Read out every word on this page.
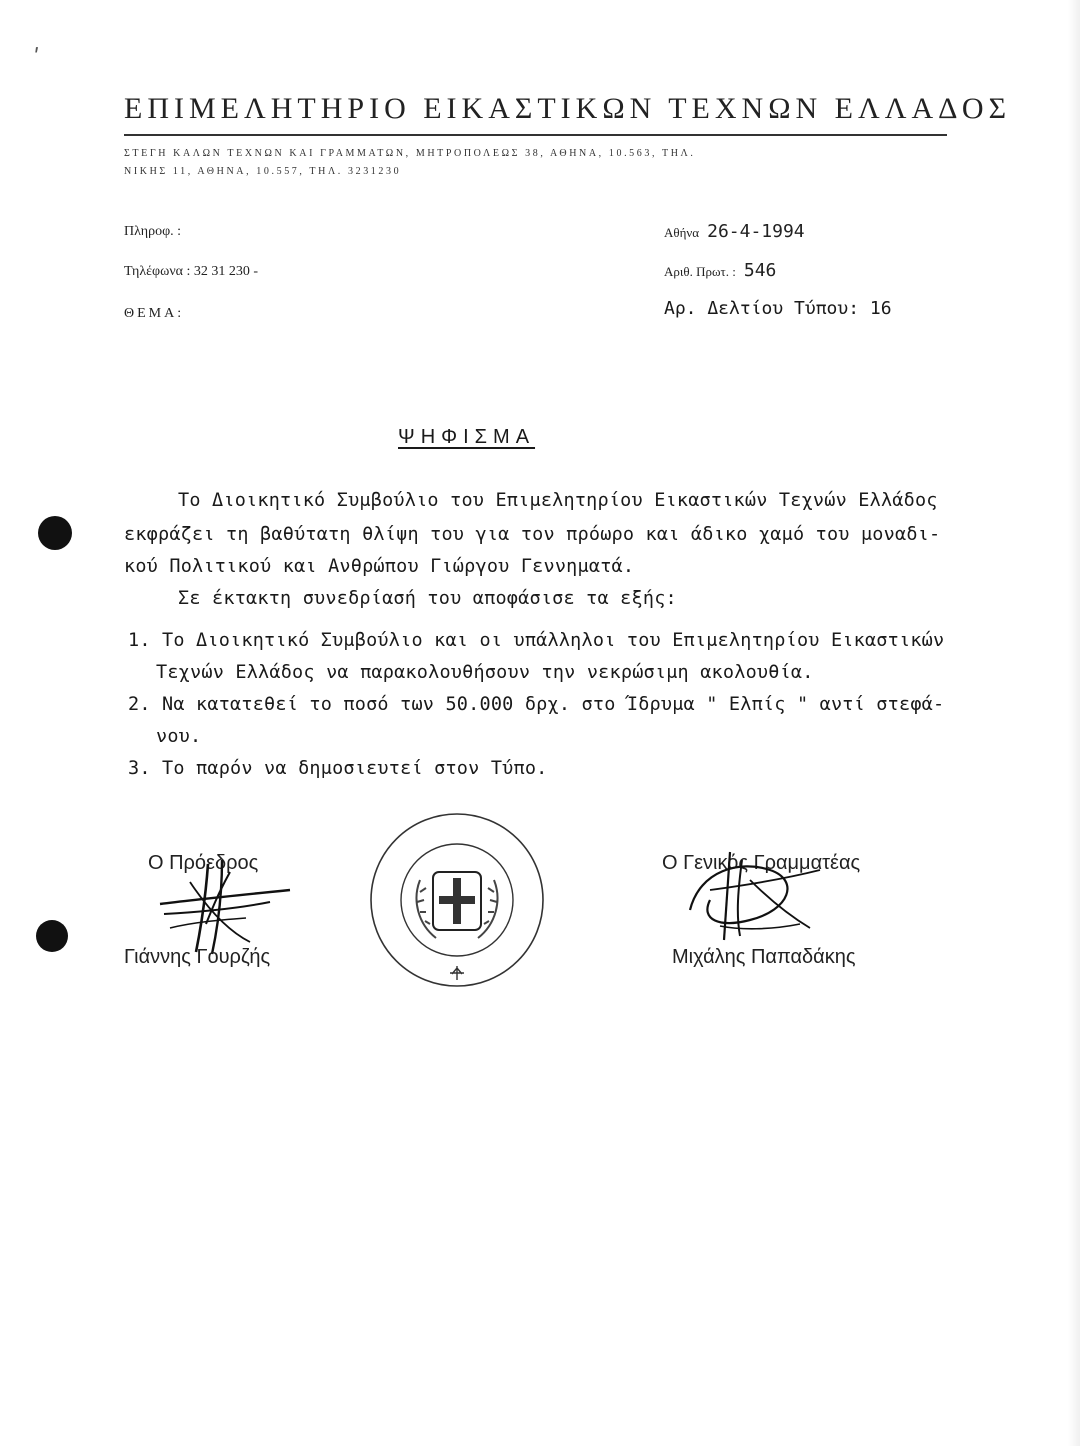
ʹ
ΕΠΙΜΕΛΗΤΗΡΙΟ ΕΙΚΑΣΤΙΚΩΝ ΤΕΧΝΩΝ ΕΛΛΑΔΟΣ
ΣΤΕΓΗ ΚΑΛΩΝ ΤΕΧΝΩΝ ΚΑΙ ΓΡΑΜΜΑΤΩΝ, ΜΗΤΡΟΠΟΛΕΩΣ 38, ΑΘΗΝΑ, 10.563, ΤΗΛ.
ΝΙΚΗΣ 11, ΑΘΗΝΑ, 10.557, ΤΗΛ. 3231230
Πληροφ. :
Τηλέφωνα : 32 31 230 -
ΘΕΜΑ:
Αθήνα 26-4-1994
Αριθ. Πρωτ. : 546
Αρ. Δελτίου Τύπου: 16
ΨΗΦΙΣΜΑ
Το Διοικητικό Συμβούλιο του Επιμελητηρίου Εικαστικών Τεχνών Ελλάδος
εκφράζει τη βαθύτατη θλίψη του για τον πρόωρο και άδικο χαμό του μοναδι-
κού Πολιτικού και Ανθρώπου Γιώργου Γεννηματά.
Σε έκτακτη συνεδρίασή του αποφάσισε τα εξής:
1. Το Διοικητικό Συμβούλιο και οι υπάλληλοι του Επιμελητηρίου Εικαστικών
Τεχνών Ελλάδος να παρακολουθήσουν την νεκρώσιμη ακολουθία.
2. Να κατατεθεί το ποσό των 50.000 δρχ. στο Ίδρυμα " Ελπίς " αντί στεφά-
νου.
3. Το παρόν να δημοσιευτεί στον Τύπο.
Ο Πρόεδρος
Γιάννης Γουρζής
Ο Γενικός Γραμματέας
Μιχάλης Παπαδάκης
